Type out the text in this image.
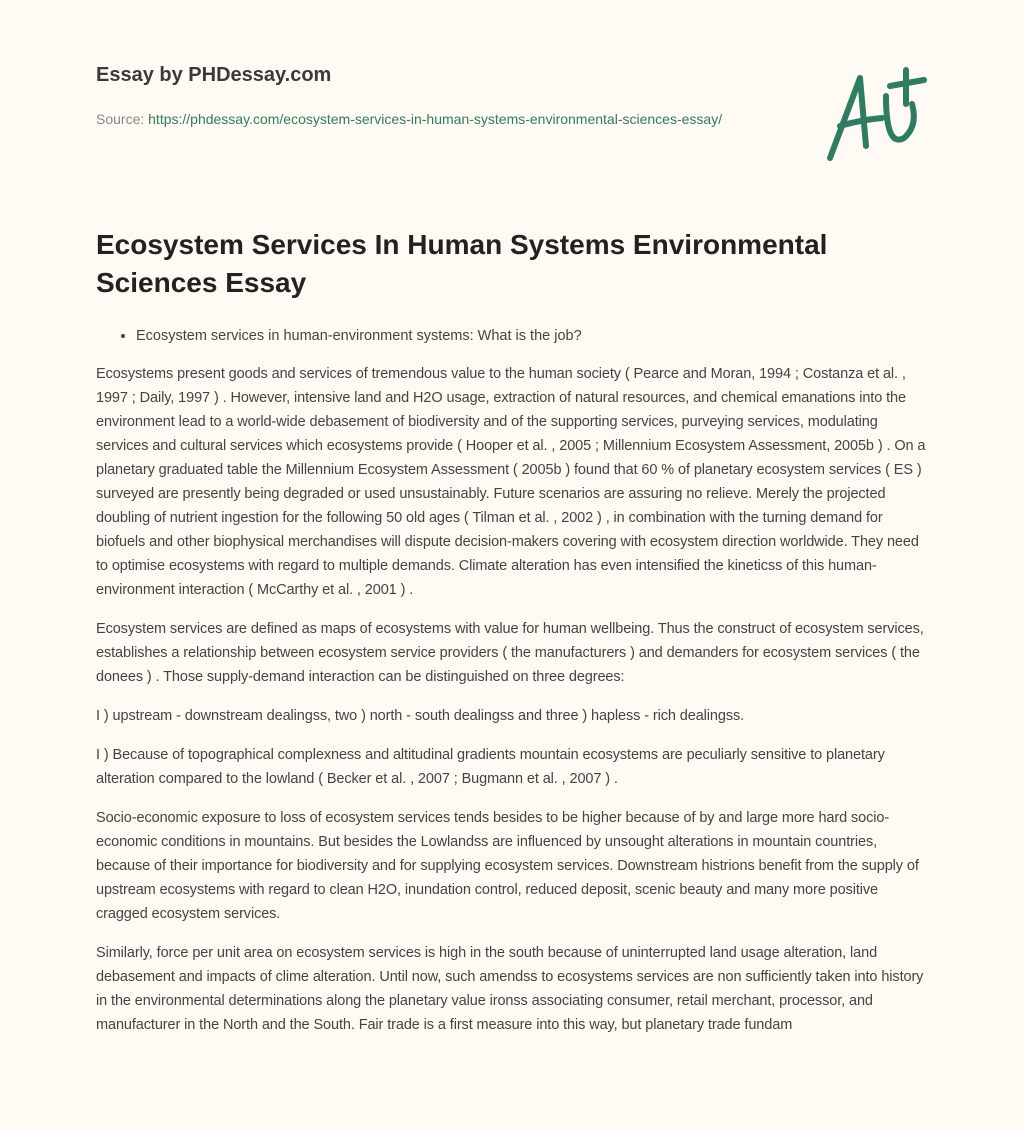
Essay by PHDessay.com
Source: https://phdessay.com/ecosystem-services-in-human-systems-environmental-sciences-essay/
Ecosystem Services In Human Systems Environmental Sciences Essay
• Ecosystem services in human-environment systems: What is the job?

Ecosystems present goods and services of tremendous value to the human society ( Pearce and Moran, 1994 ; Costanza et al. , 1997 ; Daily, 1997 ) . However, intensive land and H2O usage, extraction of natural resources, and chemical emanations into the environment lead to a world-wide debasement of biodiversity and of the supporting services, purveying services, modulating services and cultural services which ecosystems provide ( Hooper et al. , 2005 ; Millennium Ecosystem Assessment, 2005b ) . On a planetary graduated table the Millennium Ecosystem Assessment ( 2005b ) found that 60 % of planetary ecosystem services ( ES ) surveyed are presently being degraded or used unsustainably. Future scenarios are assuring no relieve. Merely the projected doubling of nutrient ingestion for the following 50 old ages ( Tilman et al. , 2002 ) , in combination with the turning demand for biofuels and other biophysical merchandises will dispute decision-makers covering with ecosystem direction worldwide. They need to optimise ecosystems with regard to multiple demands. Climate alteration has even intensified the kineticss of this human-environment interaction ( McCarthy et al. , 2001 ) .

Ecosystem services are defined as maps of ecosystems with value for human wellbeing. Thus the construct of ecosystem services, establishes a relationship between ecosystem service providers ( the manufacturers ) and demanders for ecosystem services ( the donees ) . Those supply-demand interaction can be distinguished on three degrees:

I ) upstream - downstream dealingss, two ) north - south dealingss and three ) hapless - rich dealingss.

I ) Because of topographical complexness and altitudinal gradients mountain ecosystems are peculiarly sensitive to planetary alteration compared to the lowland ( Becker et al. , 2007 ; Bugmann et al. , 2007 ) .

Socio-economic exposure to loss of ecosystem services tends besides to be higher because of by and large more hard socio-economic conditions in mountains. But besides the Lowlandss are influenced by unsought alterations in mountain countries, because of their importance for biodiversity and for supplying ecosystem services. Downstream histrions benefit from the supply of upstream ecosystems with regard to clean H2O, inundation control, reduced deposit, scenic beauty and many more positive cragged ecosystem services.

Similarly, force per unit area on ecosystem services is high in the south because of uninterrupted land usage alteration, land debasement and impacts of clime alteration. Until now, such amendss to ecosystems services are non sufficiently taken into history in the environmental determinations along the planetary value ironss associating consumer, retail merchant, processor, and manufacturer in the North and the South. Fair trade is a first measure into this way, but planetary trade fundam
